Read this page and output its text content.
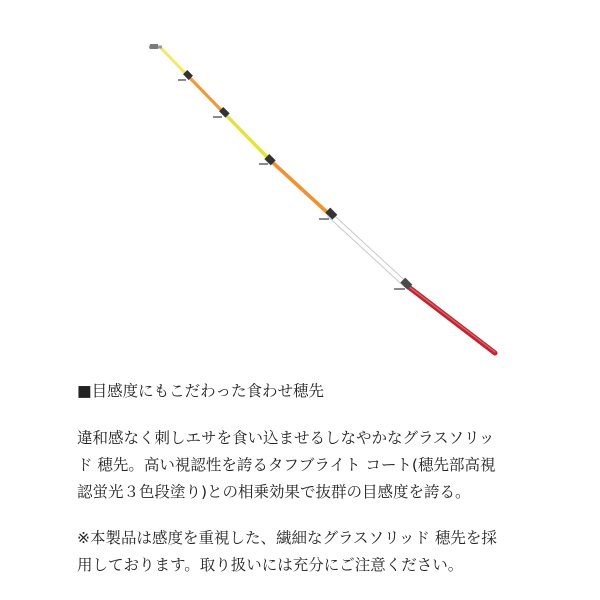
■目感度にもこだわった食わせ穂先
違和感なく刺しエサを食い込ませるしなやかなグラスソリッ
ド 穂先。高い視認性を誇るタフブライト コート(穂先部高視
認蛍光３色段塗り)との相乗効果で抜群の目感度を誇る。
※本製品は感度を重視した、繊細なグラスソリッド 穂先を採
用しております。取り扱いには充分にご注意ください。
